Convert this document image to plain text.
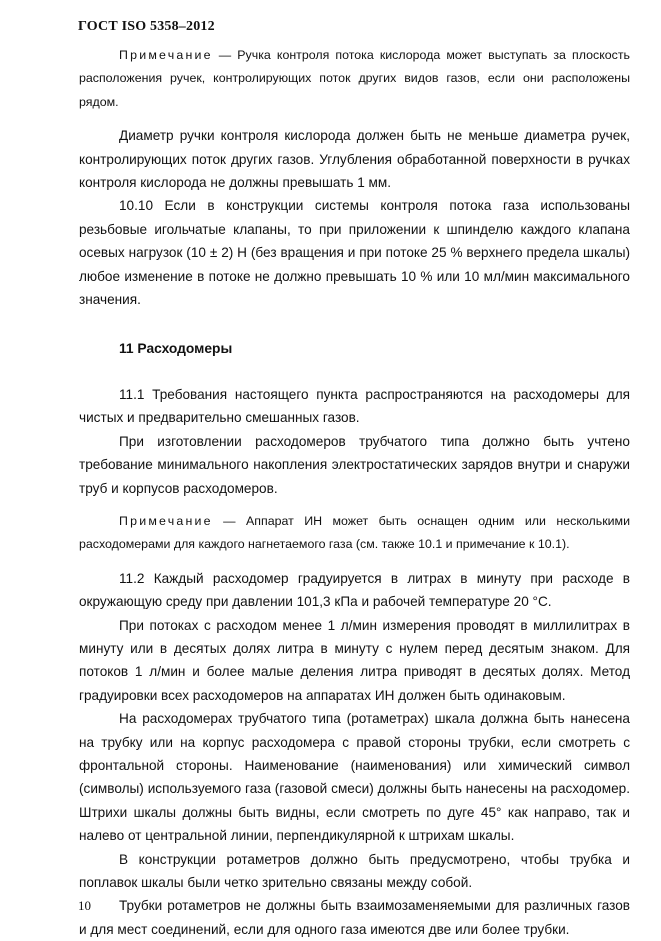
ГОСТ ISO 5358–2012

Примечание — Ручка контроля потока кислорода может выступать за плоскость расположения ручек, контролирующих поток других видов газов, если они расположены рядом.

Диаметр ручки контроля кислорода должен быть не меньше диаметра ручек, контролирующих поток других газов. Углубления обработанной поверхности в ручках контроля кислорода не должны превышать 1 мм.

10.10 Если в конструкции системы контроля потока газа использованы резьбовые игольчатые клапаны, то при приложении к шпинделю каждого клапана осевых нагрузок (10 ± 2) Н (без вращения и при потоке 25 % верхнего предела шкалы) любое изменение в потоке не должно превышать 10 % или 10 мл/мин максимального значения.

11 Расходомеры

11.1 Требования настоящего пункта распространяются на расходомеры для чистых и предварительно смешанных газов.

При изготовлении расходомеров трубчатого типа должно быть учтено требование минимального накопления электростатических зарядов внутри и снаружи труб и корпусов расходомеров.

Примечание — Аппарат ИН может быть оснащен одним или несколькими расходомерами для каждого нагнетаемого газа (см. также 10.1 и примечание к 10.1).

11.2 Каждый расходомер градуируется в литрах в минуту при расходе в окружающую среду при давлении 101,3 кПа и рабочей температуре 20 °С.

При потоках с расходом менее 1 л/мин измерения проводят в миллилитрах в минуту или в десятых долях литра в минуту с нулем перед десятым знаком. Для потоков 1 л/мин и более малые деления литра приводят в десятых долях. Метод градуировки всех расходомеров на аппаратах ИН должен быть одинаковым.

На расходомерах трубчатого типа (ротаметрах) шкала должна быть нанесена на трубку или на корпус расходомера с правой стороны трубки, если смотреть с фронтальной стороны. Наименование (наименования) или химический символ (символы) используемого газа (газовой смеси) должны быть нанесены на расходомер. Штрихи шкалы должны быть видны, если смотреть по дуге 45° как направо, так и налево от центральной линии, перпендикулярной к штрихам шкалы.

В конструкции ротаметров должно быть предусмотрено, чтобы трубка и поплавок шкалы были четко зрительно связаны между собой.

Трубки ротаметров не должны быть взаимозаменяемыми для различных газов и для мест соединений, если для одного газа имеются две или более трубки.

10
